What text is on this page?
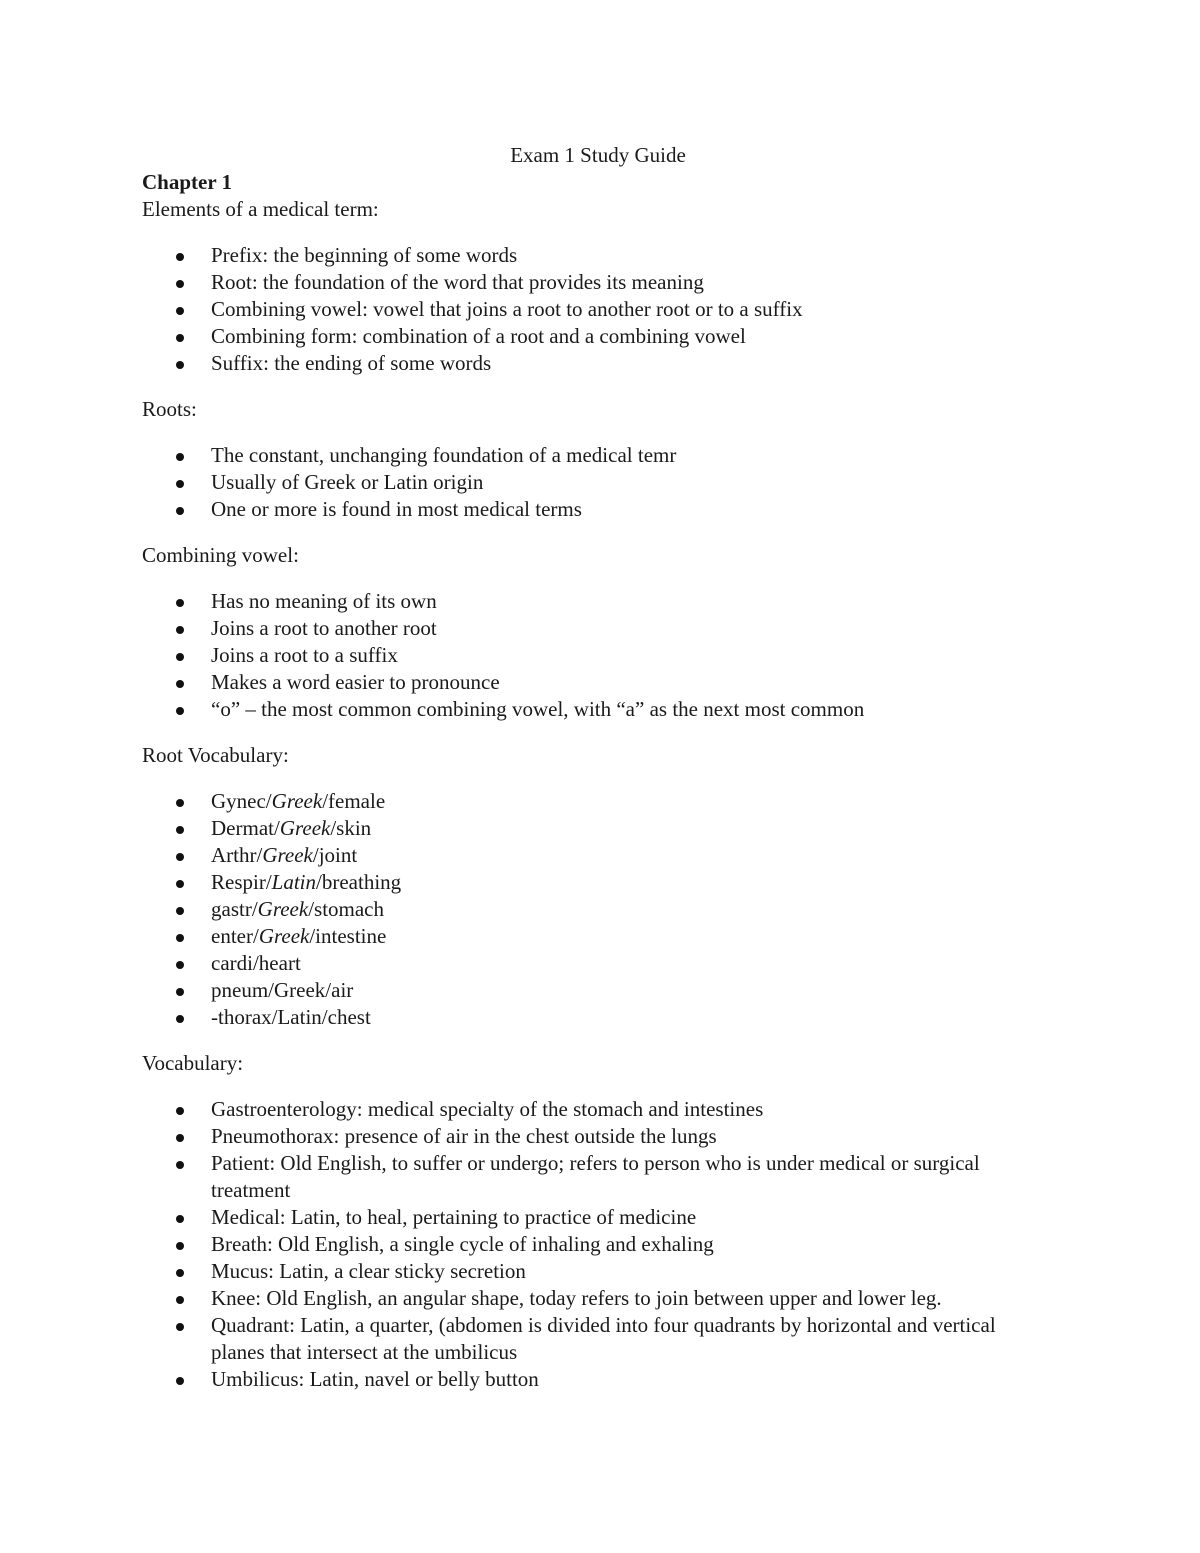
Exam 1 Study Guide
Chapter 1

Elements of a medical term:

Prefix: the beginning of some words
Root: the foundation of the word that provides its meaning
Combining vowel: vowel that joins a root to another root or to a suffix
Combining form: combination of a root and a combining vowel
Suffix: the ending of some words

Roots:

The constant, unchanging foundation of a medical temr
Usually of Greek or Latin origin
One or more is found in most medical terms

Combining vowel:

Has no meaning of its own
Joins a root to another root
Joins a root to a suffix
Makes a word easier to pronounce
“o” – the most common combining vowel, with “a” as the next most common

Root Vocabulary:

Gynec/Greek/female
Dermat/Greek/skin
Arthr/Greek/joint
Respir/Latin/breathing
gastr/Greek/stomach
enter/Greek/intestine
cardi/heart
pneum/Greek/air
-thorax/Latin/chest

Vocabulary:

Gastroenterology: medical specialty of the stomach and intestines
Pneumothorax: presence of air in the chest outside the lungs
Patient: Old English, to suffer or undergo; refers to person who is under medical or surgical treatment
Medical: Latin, to heal, pertaining to practice of medicine
Breath: Old English, a single cycle of inhaling and exhaling
Mucus: Latin, a clear sticky secretion
Knee: Old English, an angular shape, today refers to join between upper and lower leg.
Quadrant: Latin, a quarter, (abdomen is divided into four quadrants by horizontal and vertical planes that intersect at the umbilicus
Umbilicus: Latin, navel or belly button
